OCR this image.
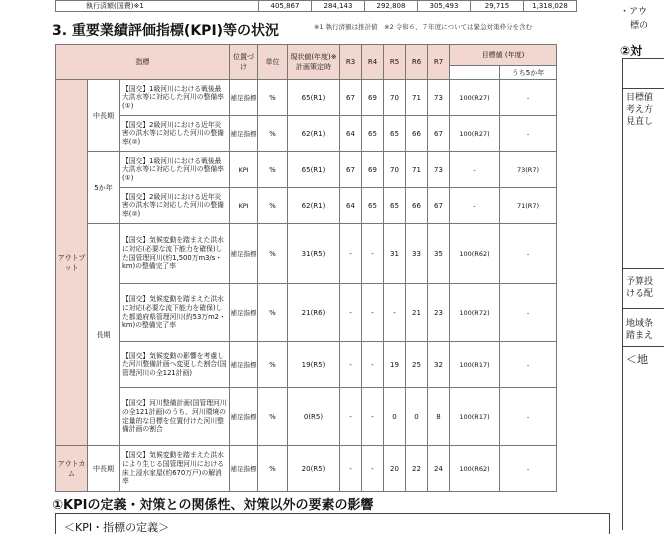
執行済額(国費)※1	405,867	284,143	292,808	305,493	29,715	1,318,028
3. 重要業績評価指標(KPI)等の状況	※1 執行済額は推計値　※2 令和６、７年度については緊急対策枠分を含む
指標			位置づけ	単位	現状値(年度)※計画策定時	R3	R4	R5	R6	R7	目標値 (年度)	
												うち5か年
アウトプット	中長期	【国交】1級河川における戦後最大洪水等に対応した河川の整備率(①)	補足指標	%	65(R1)	67	69	70	71	73	100(R27)	-
		【国交】2級河川における近年災害の洪水等に対応した河川の整備率(②)	補足指標	%	62(R1)	64	65	65	66	67	100(R27)	-
	5か年	【国交】1級河川における戦後最大洪水等に対応した河川の整備率(①)	KPI	%	65(R1)	67	69	70	71	73	-	73(R7)
		【国交】2級河川における近年災害の洪水等に対応した河川の整備率(②)	KPI	%	62(R1)	64	65	65	66	67	-	71(R7)
	長期	【国交】気候変動を踏まえた洪水に対応(必要な流下能力を確保)した国管理河川(約1,500万m3/s・km)の整備完了率	補足指標	%	31(R5)	-	-	31	33	35	100(R62)	-
		【国交】気候変動を踏まえた洪水に対応(必要な流下能力を確保)した都道府県管理河川(約53万m2・km)の整備完了率	補足指標	%	21(R6)	-	-	-	21	23	100(R72)	-
		【国交】気候変動の影響を考慮した河川整備計画へ変更した割合(国管理河川の全121計画)	補足指標	%	19(R5)	-	-	19	25	32	100(R17)	-
		【国交】河川整備計画(国管理河川の全121計画)のうち、河川環境の定量的な目標を位置付けた河川整備計画の割合	補足指標	%	0(R5)	-	-	0	0	8	100(R17)	-
アウトカム	中長期	【国交】気候変動を踏まえた洪水により生じる国管理河川における床上浸水家屋(約670万戸)の解消率	補足指標	%	20(R5)	-	-	20	22	24	100(R62)	-
①KPIの定義・対策との関係性、対策以外の要素の影響
＜KPI・指標の定義＞
・アウ
標の
②対
目標値
考え方
見直し
予算投
ける配
地域条
踏まえ
＜地
